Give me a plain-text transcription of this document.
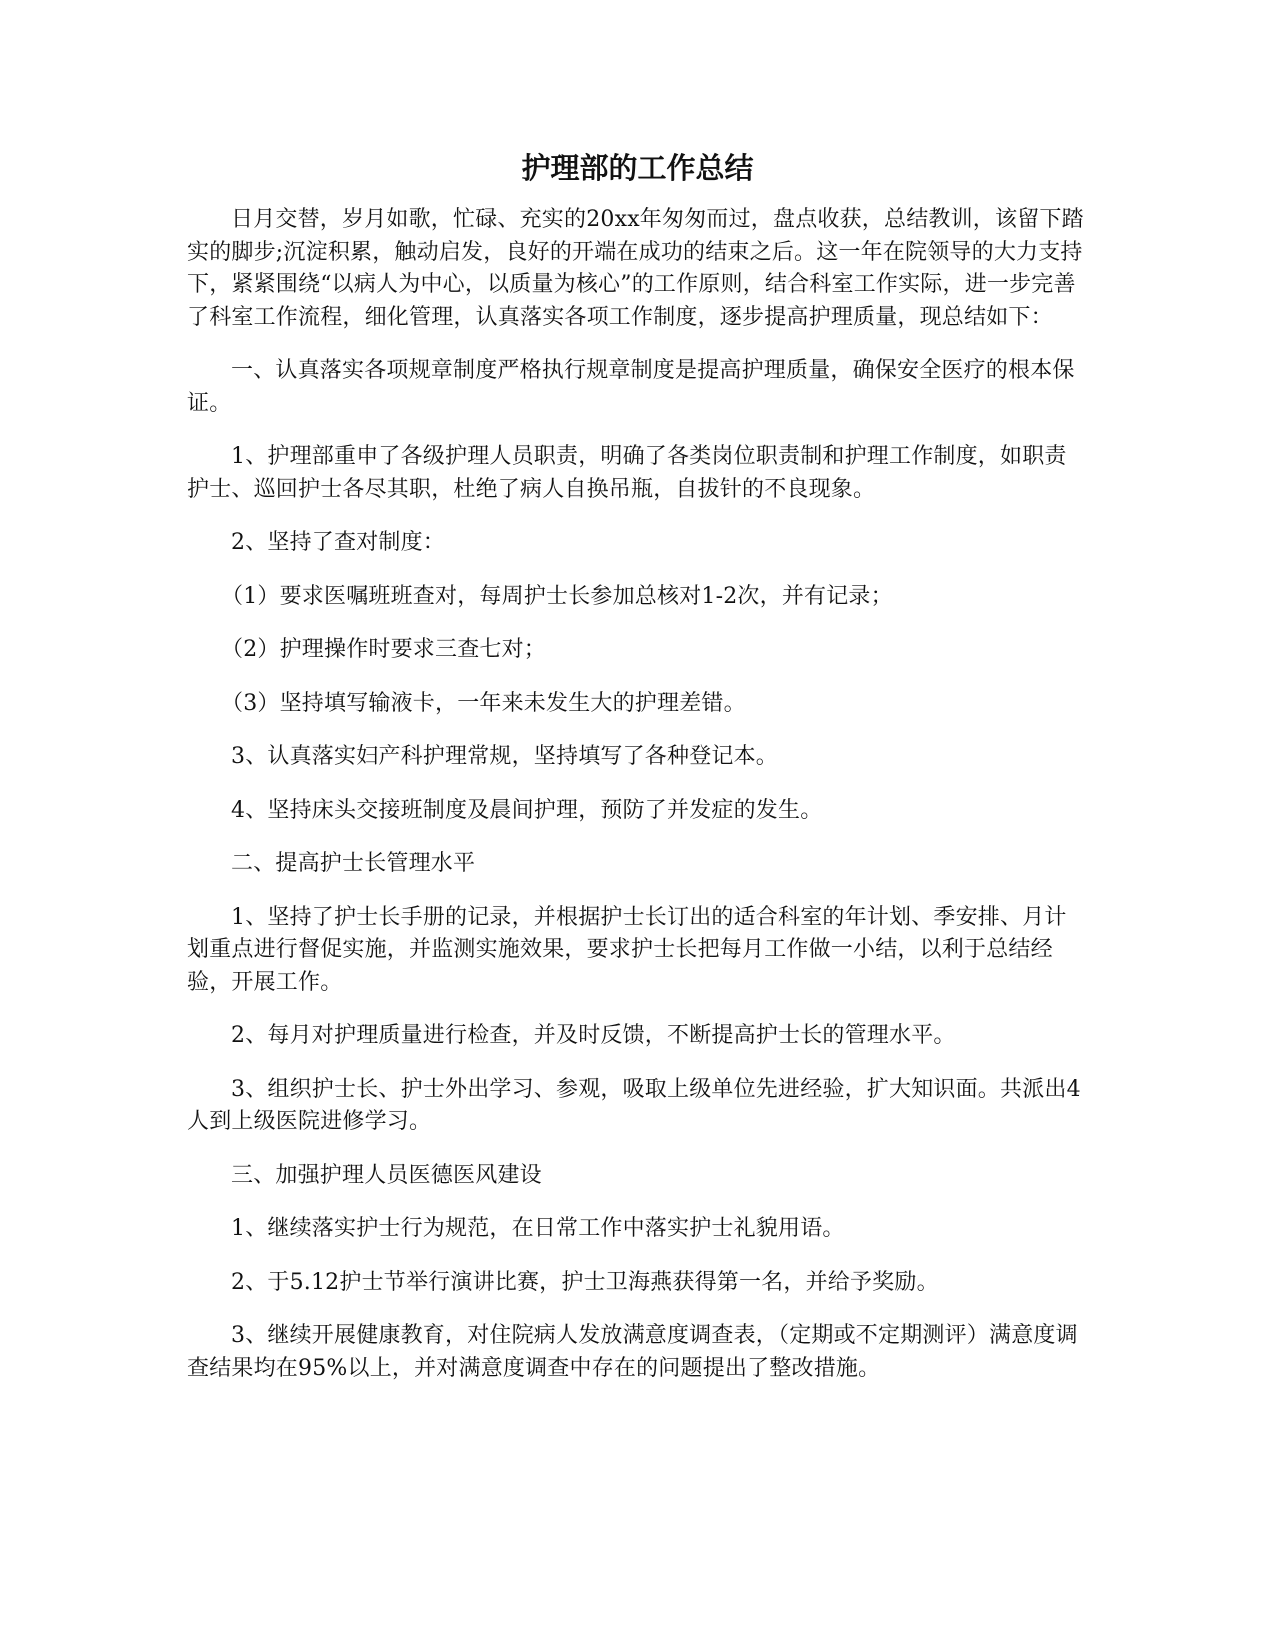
护理部的工作总结

日月交替，岁月如歌，忙碌、充实的20xx年匆匆而过，盘点收获，总结教训，该留下踏实的脚步;沉淀积累，触动启发，良好的开端在成功的结束之后。这一年在院领导的大力支持下，紧紧围绕“以病人为中心，以质量为核心”的工作原则，结合科室工作实际，进一步完善了科室工作流程，细化管理，认真落实各项工作制度，逐步提高护理质量，现总结如下：

一、认真落实各项规章制度严格执行规章制度是提高护理质量，确保安全医疗的根本保证。

1、护理部重申了各级护理人员职责，明确了各类岗位职责制和护理工作制度，如职责护士、巡回护士各尽其职，杜绝了病人自换吊瓶，自拔针的不良现象。

2、坚持了查对制度：

（1）要求医嘱班班查对，每周护士长参加总核对1-2次，并有记录；

（2）护理操作时要求三查七对；

（3）坚持填写输液卡，一年来未发生大的护理差错。

3、认真落实妇产科护理常规，坚持填写了各种登记本。

4、坚持床头交接班制度及晨间护理，预防了并发症的发生。

二、提高护士长管理水平

1、坚持了护士长手册的记录，并根据护士长订出的适合科室的年计划、季安排、月计划重点进行督促实施，并监测实施效果，要求护士长把每月工作做一小结，以利于总结经验，开展工作。

2、每月对护理质量进行检查，并及时反馈，不断提高护士长的管理水平。

3、组织护士长、护士外出学习、参观，吸取上级单位先进经验，扩大知识面。共派出4人到上级医院进修学习。

三、加强护理人员医德医风建设

1、继续落实护士行为规范，在日常工作中落实护士礼貌用语。

2、于5.12护士节举行演讲比赛，护士卫海燕获得第一名，并给予奖励。

3、继续开展健康教育，对住院病人发放满意度调查表，（定期或不定期测评）满意度调查结果均在95%以上，并对满意度调查中存在的问题提出了整改措施。
